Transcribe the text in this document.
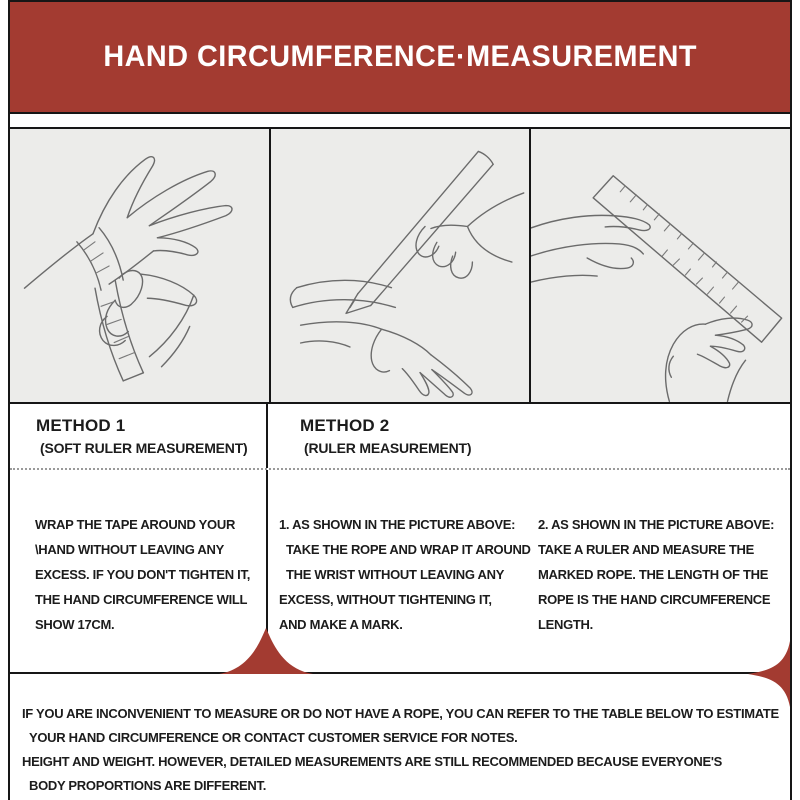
HAND CIRCUMFERENCE·MEASUREMENT
METHOD 1
(SOFT RULER MEASUREMENT)
METHOD 2
(RULER MEASUREMENT)
WRAP THE TAPE AROUND YOUR
\HAND WITHOUT LEAVING ANY
EXCESS. IF YOU DON'T TIGHTEN IT,
THE HAND CIRCUMFERENCE WILL
SHOW 17CM.
1. AS SHOWN IN THE PICTURE ABOVE:
TAKE THE ROPE AND WRAP IT AROUND
THE WRIST WITHOUT LEAVING ANY
EXCESS, WITHOUT TIGHTENING IT,
AND MAKE A MARK.
2. AS SHOWN IN THE PICTURE ABOVE:
TAKE A RULER AND MEASURE THE
MARKED ROPE. THE LENGTH OF THE
ROPE IS THE HAND CIRCUMFERENCE
LENGTH.
IF YOU ARE INCONVENIENT TO MEASURE OR DO NOT HAVE A ROPE, YOU CAN REFER TO THE TABLE BELOW TO ESTIMATE
YOUR HAND CIRCUMFERENCE OR CONTACT CUSTOMER SERVICE FOR NOTES.
HEIGHT AND WEIGHT. HOWEVER, DETAILED MEASUREMENTS ARE STILL RECOMMENDED BECAUSE EVERYONE'S
BODY PROPORTIONS ARE DIFFERENT.
